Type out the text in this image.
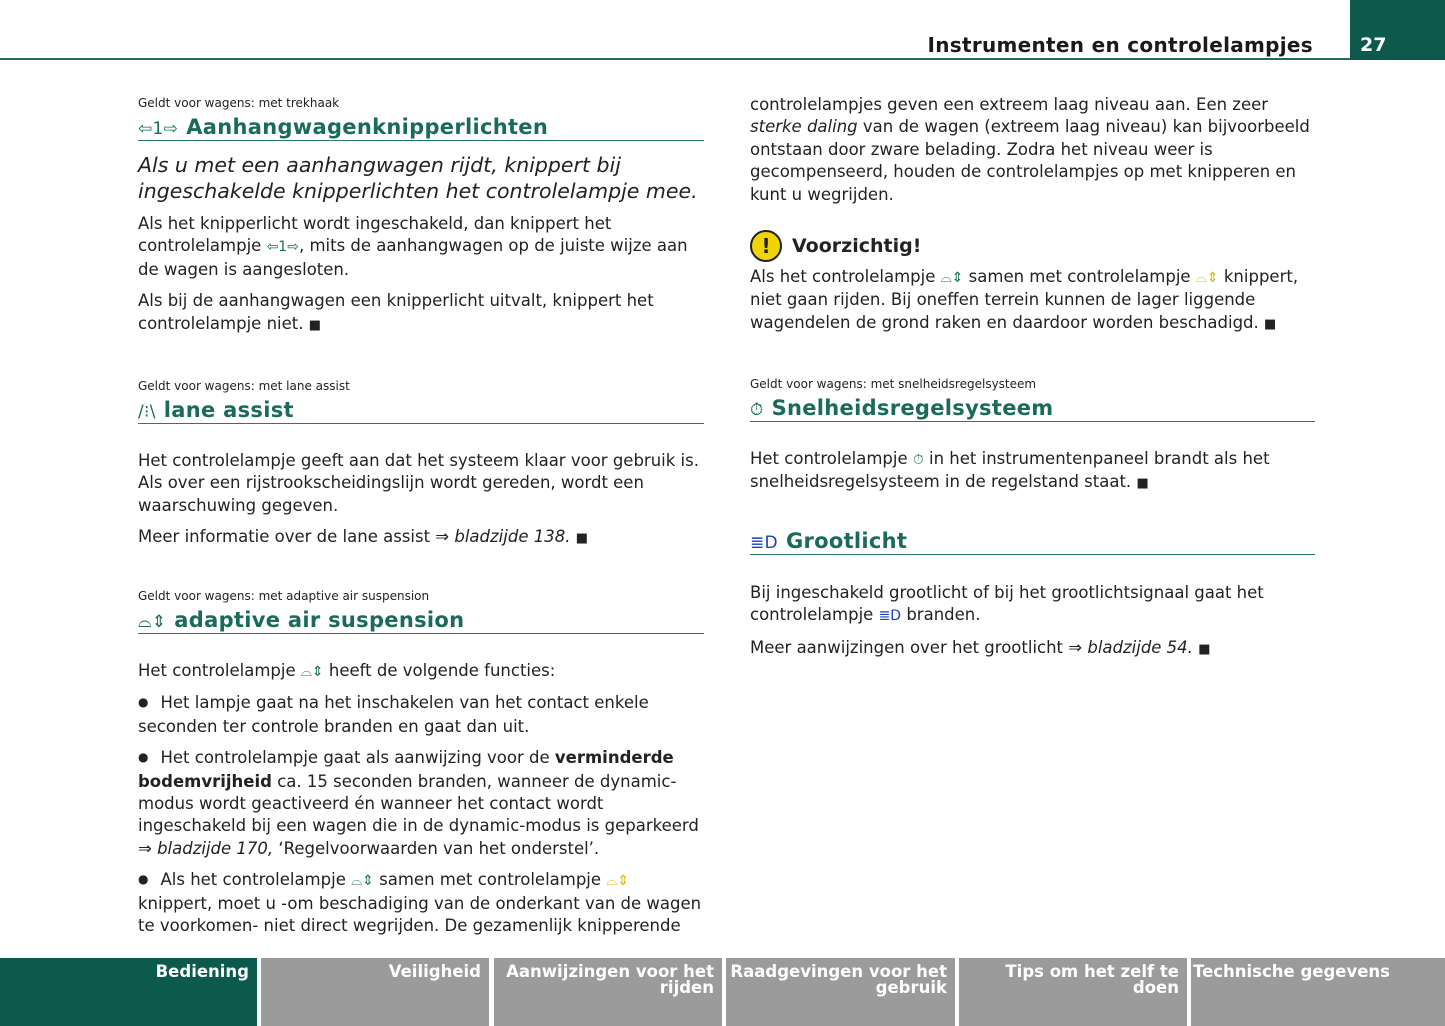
Instrumenten en controlelampjes 27
Geldt voor wagens: met trekhaak
⇦1⇨ Aanhangwagenknipperlichten

Als u met een aanhangwagen rijdt, knippert bij ingeschakelde knipperlichten het controlelampje mee.

Als het knipperlicht wordt ingeschakeld, dan knippert het controlelampje ⇦1⇨, mits de aanhangwagen op de juiste wijze aan de wagen is aangesloten.

Als bij de aanhangwagen een knipperlicht uitvalt, knippert het controlelampje niet. ■

Geldt voor wagens: met lane assist
/⁝\ lane assist

Het controlelampje geeft aan dat het systeem klaar voor gebruik is. Als over een rijstrookscheidingslijn wordt gereden, wordt een waarschuwing gegeven.

Meer informatie over de lane assist ⇒ bladzijde 138. ■

Geldt voor wagens: met adaptive air suspension
⌓⇕ adaptive air suspension

Het controlelampje ⌓⇕ heeft de volgende functies:

● Het lampje gaat na het inschakelen van het contact enkele seconden ter controle branden en gaat dan uit.

● Het controlelampje gaat als aanwijzing voor de verminderde bodemvrijheid ca. 15 seconden branden, wanneer de dynamic-modus wordt geactiveerd én wanneer het contact wordt ingeschakeld bij een wagen die in de dynamic-modus is geparkeerd ⇒ bladzijde 170, ‘Regelvoorwaarden van het onderstel’.

● Als het controlelampje ⌓⇕ samen met controlelampje ⌓⇕ knippert, moet u -om beschadiging van de onderkant van de wagen te voorkomen- niet direct wegrijden. De gezamenlijk knipperende

controlelampjes geven een extreem laag niveau aan. Een zeer sterke daling van de wagen (extreem laag niveau) kan bijvoorbeeld ontstaan door zware belading. Zodra het niveau weer is gecompenseerd, houden de controlelampjes op met knipperen en kunt u wegrijden.

!	Voorzichtig!

Als het controlelampje ⌓⇕ samen met controlelampje ⌓⇕ knippert, niet gaan rijden. Bij oneffen terrein kunnen de lager liggende wagendelen de grond raken en daardoor worden beschadigd. ■

Geldt voor wagens: met snelheidsregelsysteem
⏱ Snelheidsregelsysteem

Het controlelampje ⏱ in het instrumentenpaneel brandt als het snelheidsregelsysteem in de regelstand staat. ■

≣D Grootlicht

Bij ingeschakeld grootlicht of bij het grootlichtsignaal gaat het controlelampje ≣D branden.

Meer aanwijzingen over het grootlicht ⇒ bladzijde 54. ■

Bediening	Veiligheid	Aanwijzingen voor het rijden
Raadgevingen voor het gebruik
Tips om het zelf te doen
Technische gegevens
